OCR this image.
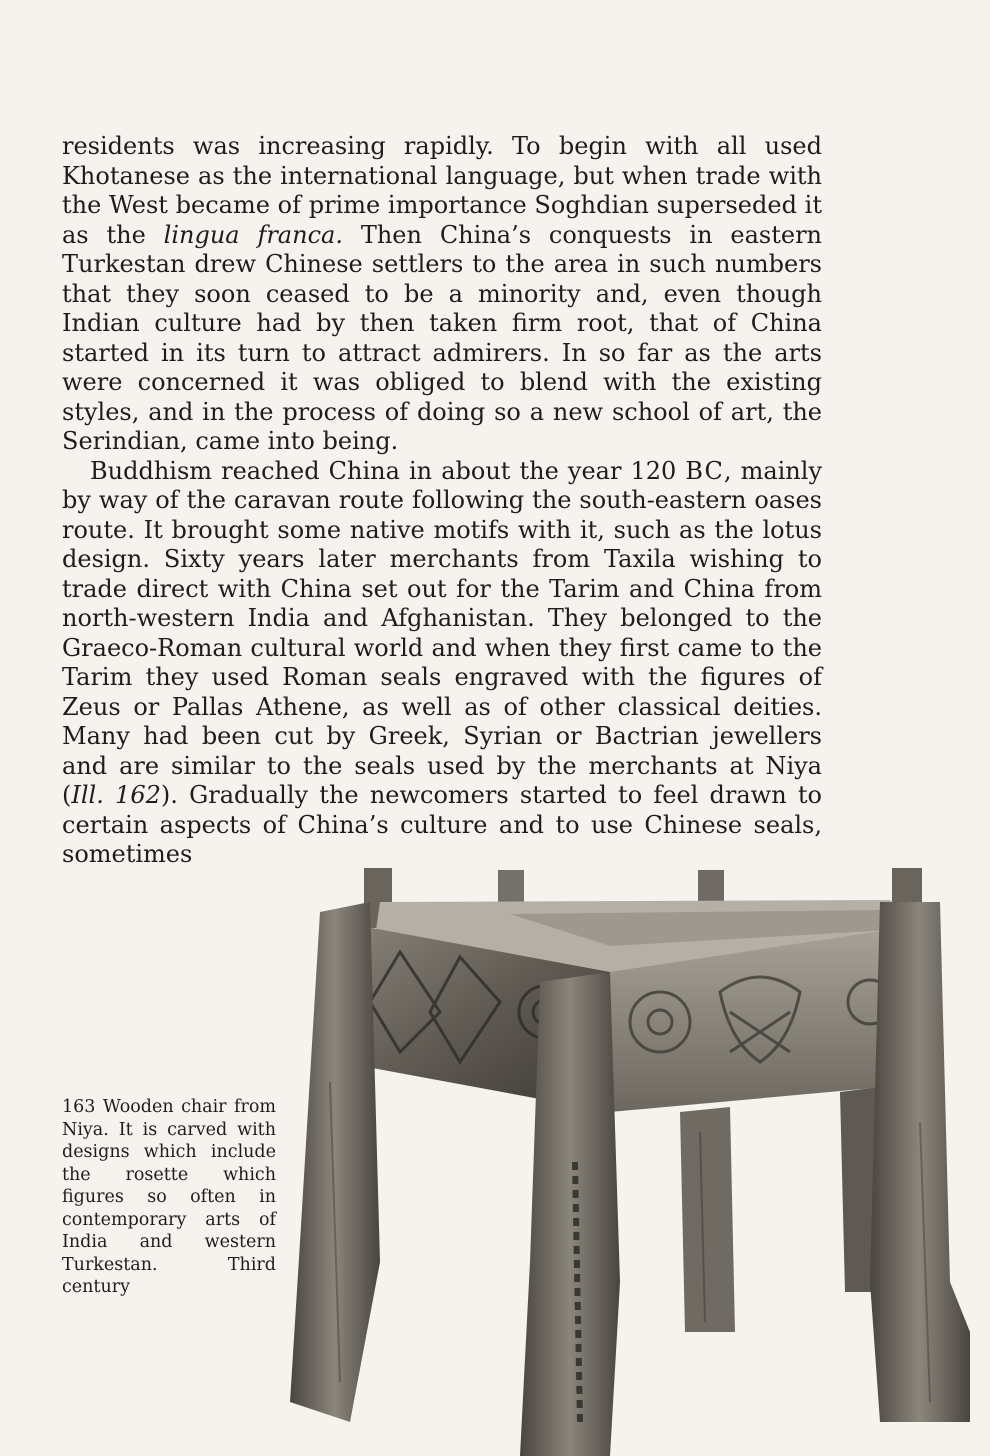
residents was increasing rapidly. To begin with all used Khotanese as the international language, but when trade with the West became of prime importance Soghdian superseded it as the lingua franca. Then China’s conquests in eastern Turkestan drew Chinese settlers to the area in such numbers that they soon ceased to be a minority and, even though Indian culture had by then taken firm root, that of China started in its turn to attract admirers. In so far as the arts were concerned it was obliged to blend with the existing styles, and in the process of doing so a new school of art, the Serindian, came into being.

Buddhism reached China in about the year 120 BC, mainly by way of the caravan route following the south-eastern oases route. It brought some native motifs with it, such as the lotus design. Sixty years later merchants from Taxila wishing to trade direct with China set out for the Tarim and China from north-western India and Afghanistan. They belonged to the Graeco-Roman cultural world and when they first came to the Tarim they used Roman seals engraved with the figures of Zeus or Pallas Athene, as well as of other classical deities. Many had been cut by Greek, Syrian or Bactrian jewellers and are similar to the seals used by the merchants at Niya (Ill. 162). Gradually the newcomers started to feel drawn to certain aspects of China’s culture and to use Chinese seals, sometimes

163 Wooden chair from Niya. It is carved with designs which include the rosette which figures so often in contemporary arts of India and western Turkestan. Third century
